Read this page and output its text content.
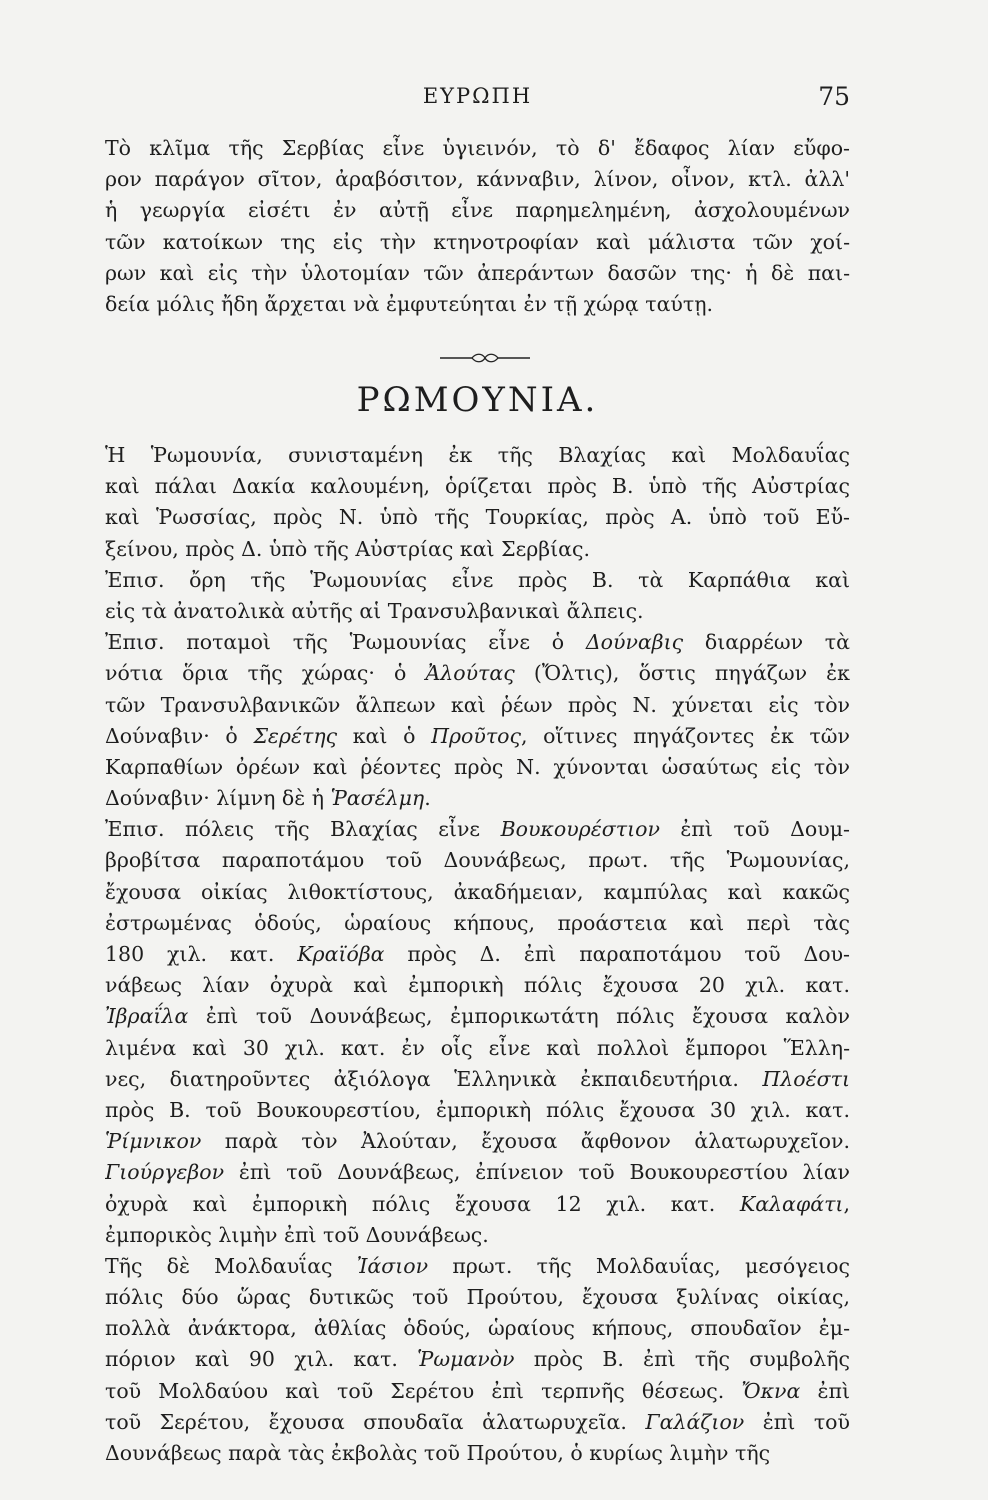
ΕΥΡΩΠΗ	75
Τὸ κλῖμα τῆς Σερβίας εἶνε ὑγιεινόν, τὸ δ' ἔδαφος λίαν εὔφο-
ρον παράγον σῖτον, ἀραβόσιτον, κάνναβιν, λίνον, οἶνον, κτλ. ἀλλ'
ἡ γεωργία εἰσέτι ἐν αὐτῇ εἶνε παρημελημένη, ἀσχολουμένων
τῶν κατοίκων της εἰς τὴν κτηνοτροφίαν καὶ μάλιστα τῶν χοί-
ρων καὶ εἰς τὴν ὑλοτομίαν τῶν ἀπεράντων δασῶν της· ἡ δὲ παι-
δεία μόλις ἤδη ἄρχεται νὰ ἐμφυτεύηται ἐν τῇ χώρᾳ ταύτῃ.
ΡΩΜΟΥΝΙΑ.
Ἡ Ῥωμουνία, συνισταμένη ἐκ τῆς Βλαχίας καὶ Μολδαυΐας
καὶ πάλαι Δακία καλουμένη, ὁρίζεται πρὸς Β. ὑπὸ τῆς Αὐστρίας
καὶ Ῥωσσίας, πρὸς Ν. ὑπὸ τῆς Τουρκίας, πρὸς Α. ὑπὸ τοῦ Εὔ-
ξείνου, πρὸς Δ. ὑπὸ τῆς Αὐστρίας καὶ Σερβίας.
Ἐπισ. ὄρη τῆς Ῥωμουνίας εἶνε πρὸς Β. τὰ Καρπάθια καὶ
εἰς τὰ ἀνατολικὰ αὐτῆς αἱ Τρανσυλβανικαὶ ἄλπεις.
Ἐπισ. ποταμοὶ τῆς Ῥωμουνίας εἶνε ὁ Δούναβις διαρρέων τὰ
νότια ὅρια τῆς χώρας· ὁ Ἀλούτας (Ὄλτις), ὅστις πηγάζων ἐκ
τῶν Τρανσυλβανικῶν ἄλπεων καὶ ῥέων πρὸς Ν. χύνεται εἰς τὸν
Δούναβιν· ὁ Σερέτης καὶ ὁ Προῦτος, οἵτινες πηγάζοντες ἐκ τῶν
Καρπαθίων ὀρέων καὶ ῥέοντες πρὸς Ν. χύνονται ὡσαύτως εἰς τὸν
Δούναβιν· λίμνη δὲ ἡ Ῥασέλμη.
Ἐπισ. πόλεις τῆς Βλαχίας εἶνε Βουκουρέστιον ἐπὶ τοῦ Δουμ-
βροβίτσα παραποτάμου τοῦ Δουνάβεως, πρωτ. τῆς Ῥωμουνίας,
ἔχουσα οἰκίας λιθοκτίστους, ἀκαδήμειαν, καμπύλας καὶ κακῶς
ἐστρωμένας ὁδούς, ὡραίους κήπους, προάστεια καὶ περὶ τὰς
180 χιλ. κατ. Κραϊόβα πρὸς Δ. ἐπὶ παραποτάμου τοῦ Δου-
νάβεως λίαν ὀχυρὰ καὶ ἐμπορικὴ πόλις ἔχουσα 20 χιλ. κατ.
Ἰβραΐλα ἐπὶ τοῦ Δουνάβεως, ἐμπορικωτάτη πόλις ἔχουσα καλὸν
λιμένα καὶ 30 χιλ. κατ. ἐν οἷς εἶνε καὶ πολλοὶ ἔμποροι Ἕλλη-
νες, διατηροῦντες ἀξιόλογα Ἑλληνικὰ ἐκπαιδευτήρια. Πλοέστι
πρὸς Β. τοῦ Βουκουρεστίου, ἐμπορικὴ πόλις ἔχουσα 30 χιλ. κατ.
Ῥίμνικον παρὰ τὸν Ἀλούταν, ἔχουσα ἄφθονον ἁλατωρυχεῖον.
Γιούργεβον ἐπὶ τοῦ Δουνάβεως, ἐπίνειον τοῦ Βουκουρεστίου λίαν
ὀχυρὰ καὶ ἐμπορικὴ πόλις ἔχουσα 12 χιλ. κατ. Καλαφάτι,
ἐμπορικὸς λιμὴν ἐπὶ τοῦ Δουνάβεως.
Τῆς δὲ Μολδαυΐας Ἰάσιον πρωτ. τῆς Μολδαυΐας, μεσόγειος
πόλις δύο ὥρας δυτικῶς τοῦ Προύτου, ἔχουσα ξυλίνας οἰκίας,
πολλὰ ἀνάκτορα, ἀθλίας ὁδούς, ὡραίους κήπους, σπουδαῖον ἐμ-
πόριον καὶ 90 χιλ. κατ. Ῥωμανὸν πρὸς Β. ἐπὶ τῆς συμβολῆς
τοῦ Μολδαύου καὶ τοῦ Σερέτου ἐπὶ τερπνῆς θέσεως. Ὄκνα ἐπὶ
τοῦ Σερέτου, ἔχουσα σπουδαῖα ἁλατωρυχεῖα. Γαλάζιον ἐπὶ τοῦ
Δουνάβεως παρὰ τὰς ἐκβολὰς τοῦ Προύτου, ὁ κυρίως λιμὴν τῆς
